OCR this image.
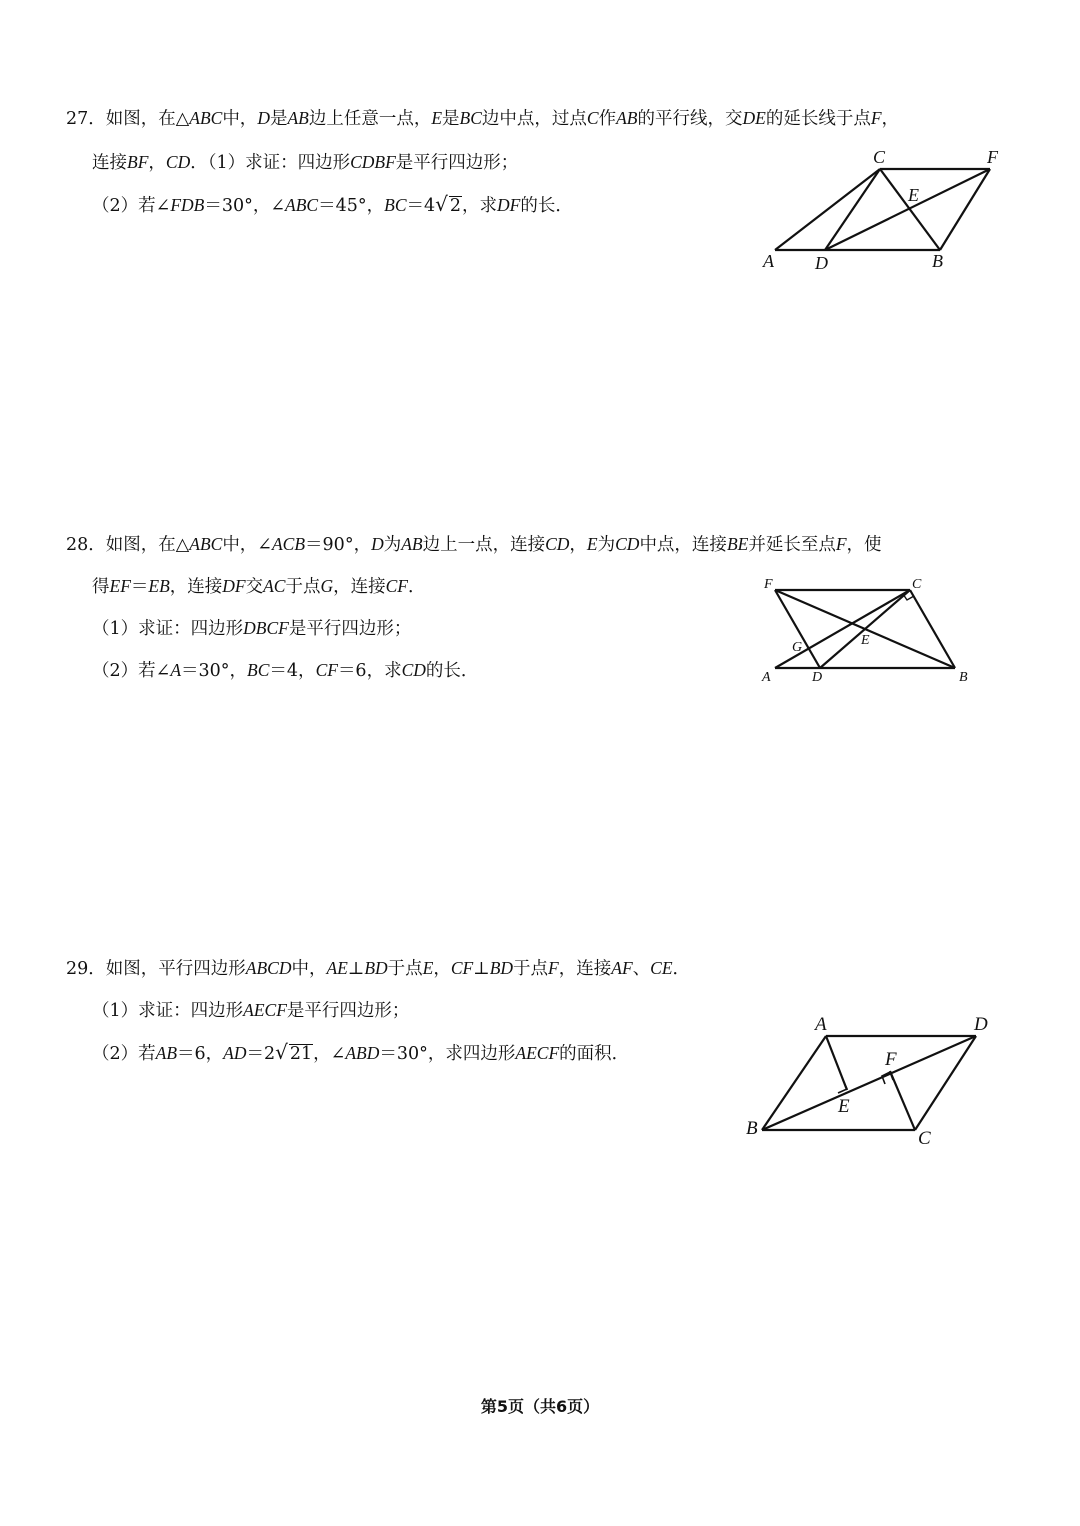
27．如图，在△ABC中，D是AB边上任意一点，E是BC边中点，过点C作AB的平行线，交DE的延长线于点F，
连接BF，CD．（1）求证：四边形CDBF是平行四边形；
（2）若∠FDB＝30°，∠ABC＝45°，BC＝4√ 2，求DF的长．
C	F
E
A D	B
28．如图，在△ABC中，∠ACB＝90°，D为AB边上一点，连接CD，E为CD中点，连接BE并延长至点F，使
得EF＝EB，连接DF交AC于点G，连接CF．
（1）求证：四边形DBCF是平行四边形；
（2）若∠A＝30°，BC＝4，CF＝6，求CD的长．
F	C
G	E
A	D	B
29．如图，平行四边形ABCD中，AE⊥BD于点E，CF⊥BD于点F，连接AF、CE．
（1）求证：四边形AECF是平行四边形；
（2）若AB＝6，AD＝2√ 21，∠ABD＝30°，求四边形AECF的面积．
A	D
F
E
B	C
第5页（共6页）
